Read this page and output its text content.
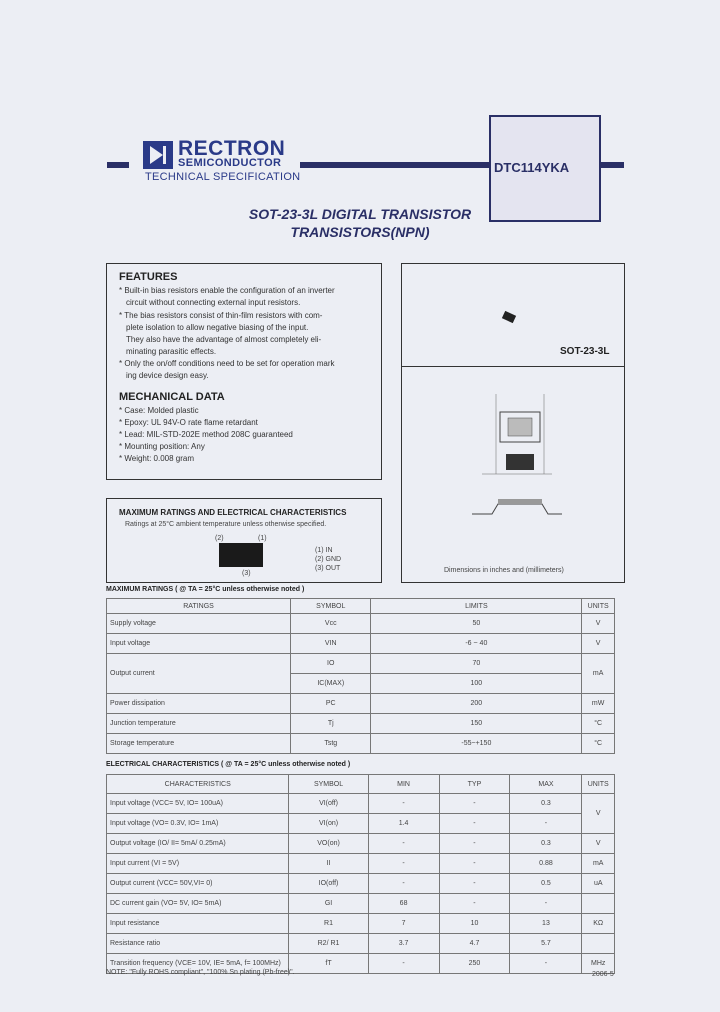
RECTRON
SEMICONDUCTOR
TECHNICAL SPECIFICATION
DTC114YKA
SOT-23-3L DIGITAL TRANSISTOR
TRANSISTORS(NPN)
FEATURES
* Built-in bias resistors enable the configuration of an inverter
circuit without connecting external input resistors.
* The bias resistors consist of thin-film resistors with com-
plete isolation to allow negative biasing of the input.
They also have the advantage of almost completely eli-
minating parasitic effects.
* Only the on/off conditions need to be set for operation mark
ing device design easy.
MECHANICAL DATA
* Case: Molded plastic
* Epoxy: UL 94V-O rate flame retardant
* Lead: MIL-STD-202E method 208C guaranteed
* Mounting position: Any
* Weight: 0.008 gram
SOT-23-3L
Dimensions in inches and (millimeters)
MAXIMUM RATINGS AND ELECTRICAL CHARACTERISTICS
Ratings at 25°C ambient temperature unless otherwise specified.
(2)	(1)
(3)
(1) IN
(2) GND
(3) OUT
MAXIMUM RATINGS ( @ TA = 25°C unless otherwise noted )
RATINGS	SYMBOL	LIMITS	UNITS
Supply voltage	Vcc	50	V
Input voltage	VIN	-6 ~ 40	V
Output current	IO	70	mA
	IC(MAX)	100	
Power dissipation	PC	200	mW
Junction temperature	Tj	150	°C
Storage temperature	Tstg	-55~+150	°C
ELECTRICAL CHARACTERISTICS ( @ TA = 25°C unless otherwise noted )
CHARACTERISTICS	SYMBOL	MIN	TYP	MAX	UNITS
Input voltage (VCC= 5V, IO= 100uA)	VI(off)	-	-	0.3	V
Input voltage (VO= 0.3V, IO= 1mA)	VI(on)	1.4	-	-	
Output voltage (IO/ II= 5mA/ 0.25mA)	VO(on)	-	-	0.3	V
Input current (VI = 5V)	II	-	-	0.88	mA
Output current (VCC= 50V,VI= 0)	IO(off)	-	-	0.5	uA
DC current gain (VO= 5V, IO= 5mA)	GI	68	-	-	
Input resistance	R1	7	10	13	KΩ
Resistance ratio	R2/ R1	3.7	4.7	5.7	
Transition frequency (VCE= 10V, IE= 5mA, f= 100MHz)	fT	-	250	-	MHz
NOTE: "Fully ROHS compliant", "100% Sn plating (Pb-free)".	2006-5
